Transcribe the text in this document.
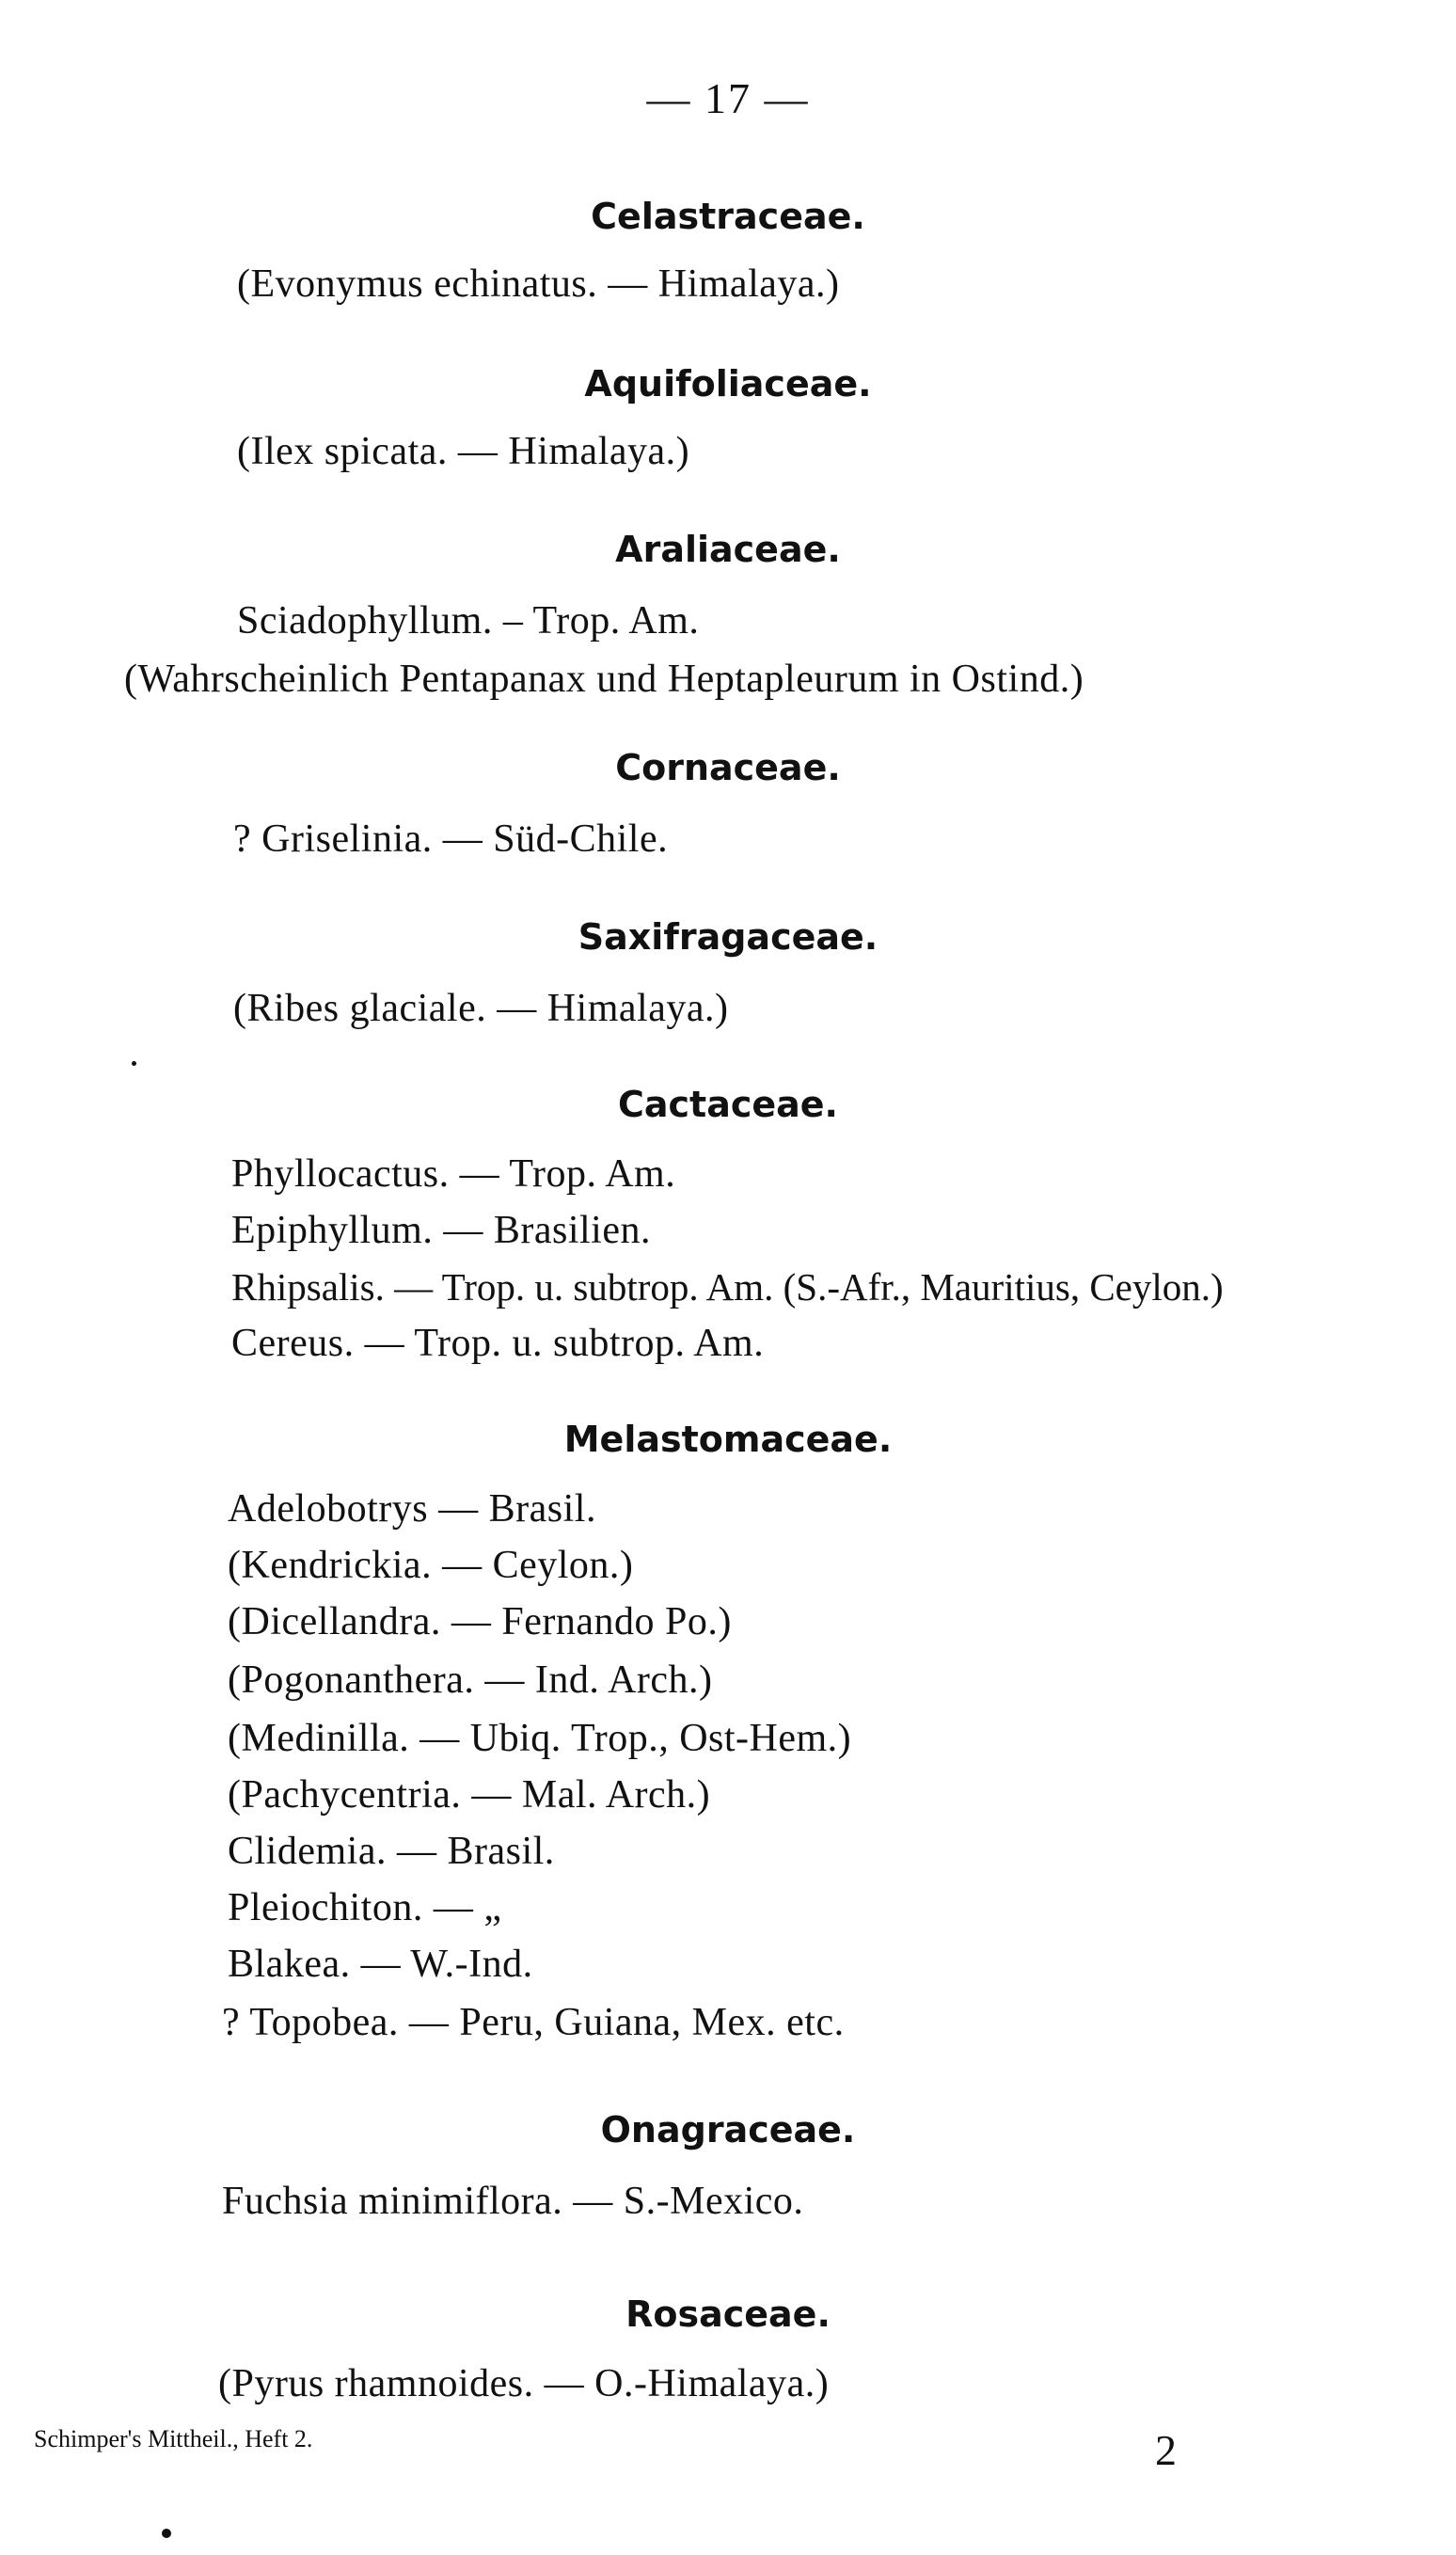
— 17 —
Celastraceae.
(Evonymus echinatus. — Himalaya.)
Aquifoliaceae.
(Ilex spicata. — Himalaya.)
Araliaceae.
Sciadophyllum. – Trop. Am.
(Wahrscheinlich Pentapanax und Heptapleurum in Ostind.)
Cornaceae.
? Griselinia. — Süd-Chile.
Saxifragaceae.
(Ribes glaciale. — Himalaya.)
Cactaceae.
Phyllocactus. — Trop. Am.
Epiphyllum. — Brasilien.
Rhipsalis. — Trop. u. subtrop. Am. (S.-Afr., Mauritius, Ceylon.)
Cereus. — Trop. u. subtrop. Am.
Melastomaceae.
Adelobotrys — Brasil.
(Kendrickia. — Ceylon.)
(Dicellandra. — Fernando Po.)
(Pogonanthera. — Ind. Arch.)
(Medinilla. — Ubiq. Trop., Ost-Hem.)
(Pachycentria. — Mal. Arch.)
Clidemia. — Brasil.
Pleiochiton. — „
Blakea. — W.-Ind.
? Topobea. — Peru, Guiana, Mex. etc.
Onagraceae.
Fuchsia minimiflora. — S.-Mexico.
Rosaceae.
(Pyrus rhamnoides. — O.-Himalaya.)
Schimper's Mittheil., Heft 2.	2
